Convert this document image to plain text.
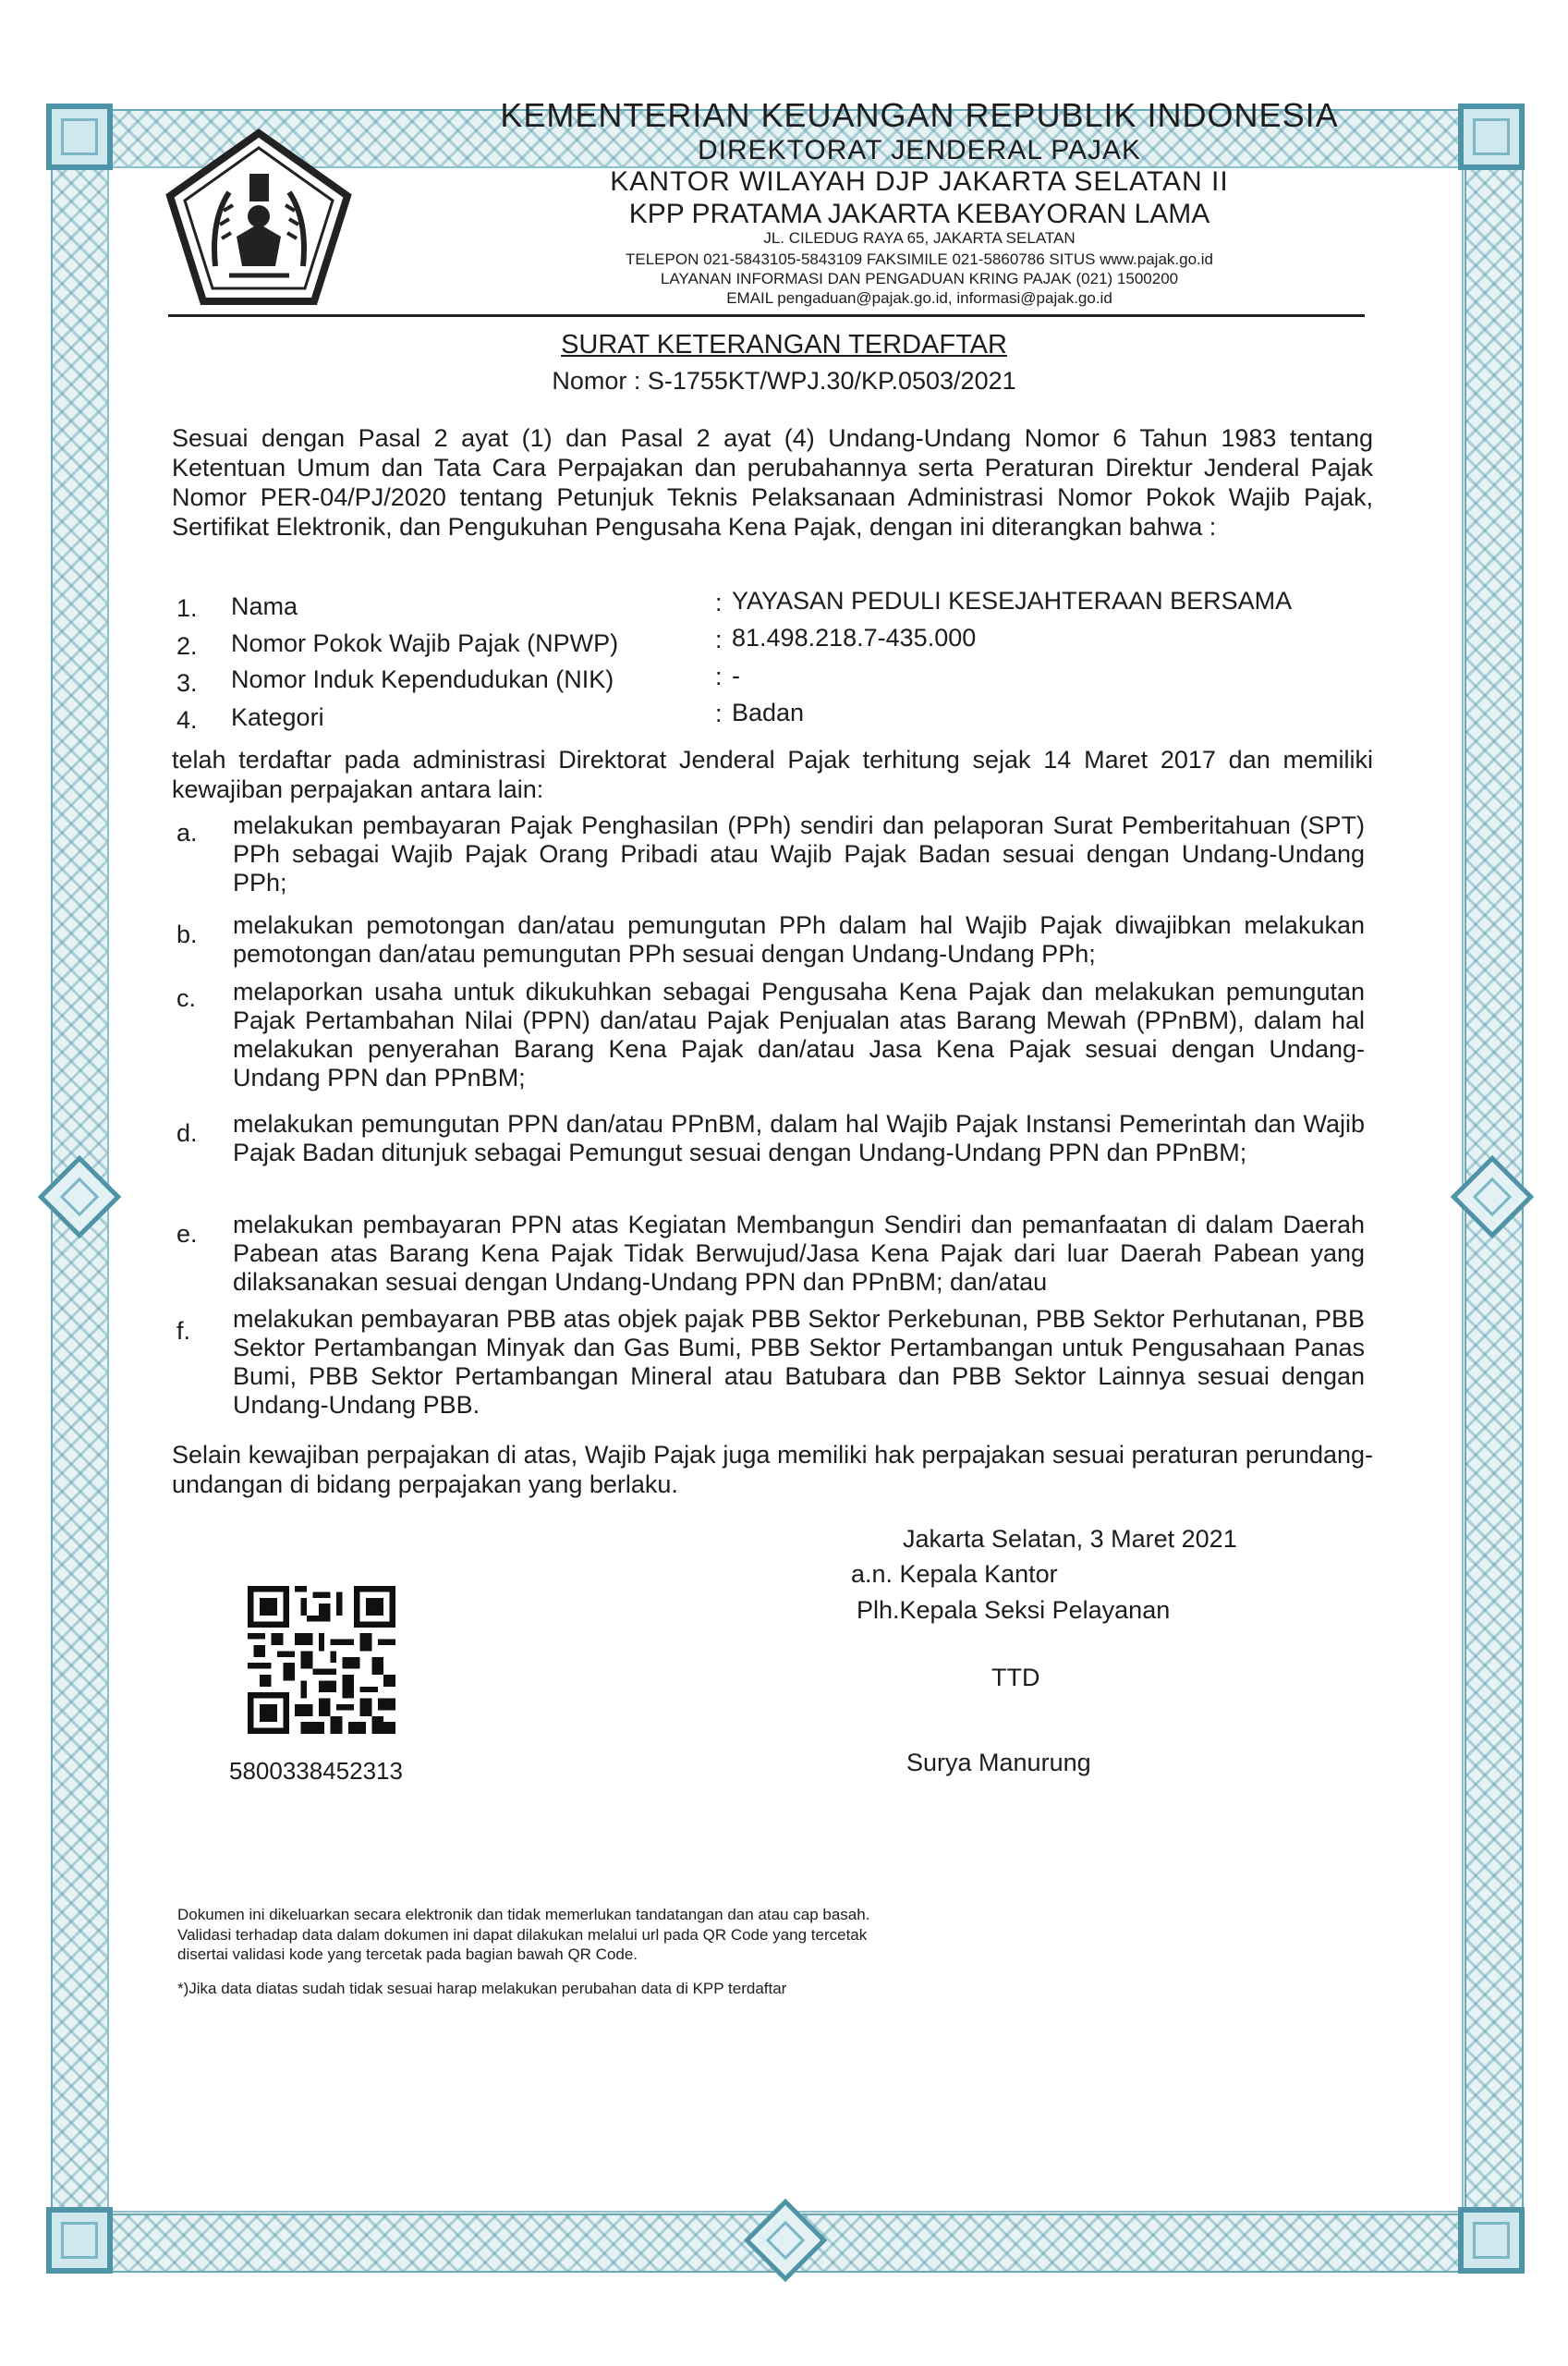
KEMENTERIAN KEUANGAN REPUBLIK INDONESIA
DIREKTORAT JENDERAL PAJAK
KANTOR WILAYAH DJP JAKARTA SELATAN II
KPP PRATAMA JAKARTA KEBAYORAN LAMA
JL. CILEDUG RAYA 65, JAKARTA SELATAN
TELEPON 021-5843105-5843109 FAKSIMILE 021-5860786 SITUS www.pajak.go.id
LAYANAN INFORMASI DAN PENGADUAN KRING PAJAK (021) 1500200
EMAIL pengaduan@pajak.go.id, informasi@pajak.go.id
SURAT KETERANGAN TERDAFTAR
Nomor : S-1755KT/WPJ.30/KP.0503/2021
Sesuai dengan Pasal 2 ayat (1) dan Pasal 2 ayat (4) Undang-Undang Nomor 6 Tahun 1983 tentang Ketentuan Umum dan Tata Cara Perpajakan dan perubahannya serta Peraturan Direktur Jenderal Pajak Nomor PER-04/PJ/2020 tentang Petunjuk Teknis Pelaksanaan Administrasi Nomor Pokok Wajib Pajak, Sertifikat Elektronik, dan Pengukuhan Pengusaha Kena Pajak, dengan ini diterangkan bahwa :
1. Nama	: YAYASAN PEDULI KESEJAHTERAAN BERSAMA
2. Nomor Pokok Wajib Pajak (NPWP)	: 81.498.218.7-435.000
3. Nomor Induk Kependudukan (NIK)	: -
4. Kategori	: Badan
telah terdaftar pada administrasi Direktorat Jenderal Pajak terhitung sejak 14 Maret 2017 dan memiliki kewajiban perpajakan antara lain:
a. melakukan pembayaran Pajak Penghasilan (PPh) sendiri dan pelaporan Surat Pemberitahuan (SPT) PPh sebagai Wajib Pajak Orang Pribadi atau Wajib Pajak Badan sesuai dengan Undang-Undang PPh;
b. melakukan pemotongan dan/atau pemungutan PPh dalam hal Wajib Pajak diwajibkan melakukan pemotongan dan/atau pemungutan PPh sesuai dengan Undang-Undang PPh;
c. melaporkan usaha untuk dikukuhkan sebagai Pengusaha Kena Pajak dan melakukan pemungutan Pajak Pertambahan Nilai (PPN) dan/atau Pajak Penjualan atas Barang Mewah (PPnBM), dalam hal melakukan penyerahan Barang Kena Pajak dan/atau Jasa Kena Pajak sesuai dengan Undang-Undang PPN dan PPnBM;
d. melakukan pemungutan PPN dan/atau PPnBM, dalam hal Wajib Pajak Instansi Pemerintah dan Wajib Pajak Badan ditunjuk sebagai Pemungut sesuai dengan Undang-Undang PPN dan PPnBM;
e. melakukan pembayaran PPN atas Kegiatan Membangun Sendiri dan pemanfaatan di dalam Daerah Pabean atas Barang Kena Pajak Tidak Berwujud/Jasa Kena Pajak dari luar Daerah Pabean yang dilaksanakan sesuai dengan Undang-Undang PPN dan PPnBM; dan/atau
f. melakukan pembayaran PBB atas objek pajak PBB Sektor Perkebunan, PBB Sektor Perhutanan, PBB Sektor Pertambangan Minyak dan Gas Bumi, PBB Sektor Pertambangan untuk Pengusahaan Panas Bumi, PBB Sektor Pertambangan Mineral atau Batubara dan PBB Sektor Lainnya sesuai dengan Undang-Undang PBB.
Selain kewajiban perpajakan di atas, Wajib Pajak juga memiliki hak perpajakan sesuai peraturan perundang-undangan di bidang perpajakan yang berlaku.
Jakarta Selatan, 3 Maret 2021
a.n. Kepala Kantor
Plh.Kepala Seksi Pelayanan
TTD
Surya Manurung
5800338452313
Dokumen ini dikeluarkan secara elektronik dan tidak memerlukan tandatangan dan atau cap basah.
Validasi terhadap data dalam dokumen ini dapat dilakukan melalui url pada QR Code yang tercetak
disertai validasi kode yang tercetak pada bagian bawah QR Code.
*)Jika data diatas sudah tidak sesuai harap melakukan perubahan data di KPP terdaftar
